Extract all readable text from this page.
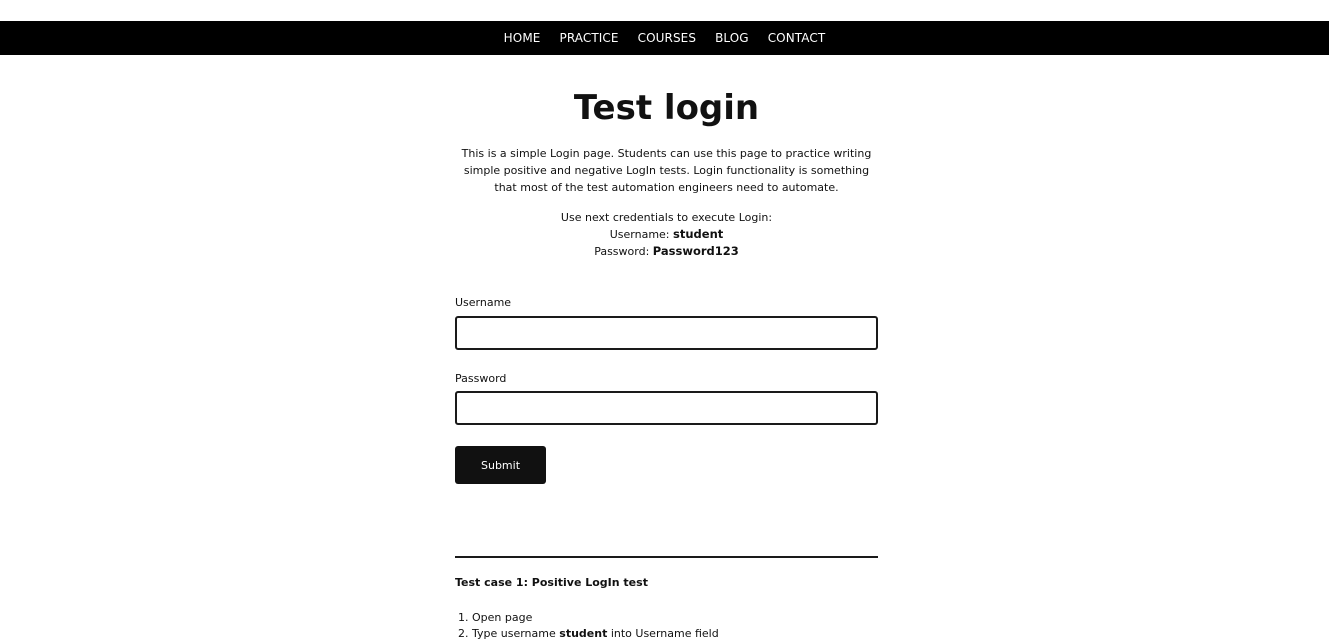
HOME PRACTICE COURSES BLOG CONTACT
Test login

This is a simple Login page. Students can use this page to practice writing simple positive and negative LogIn tests. Login functionality is something that most of the test automation engineers need to automate.

Use next credentials to execute Login:
Username: student
Password: Password123
Username
Password
Submit
Test case 1: Positive LogIn test
1. Open page
2. Type username student into Username field
